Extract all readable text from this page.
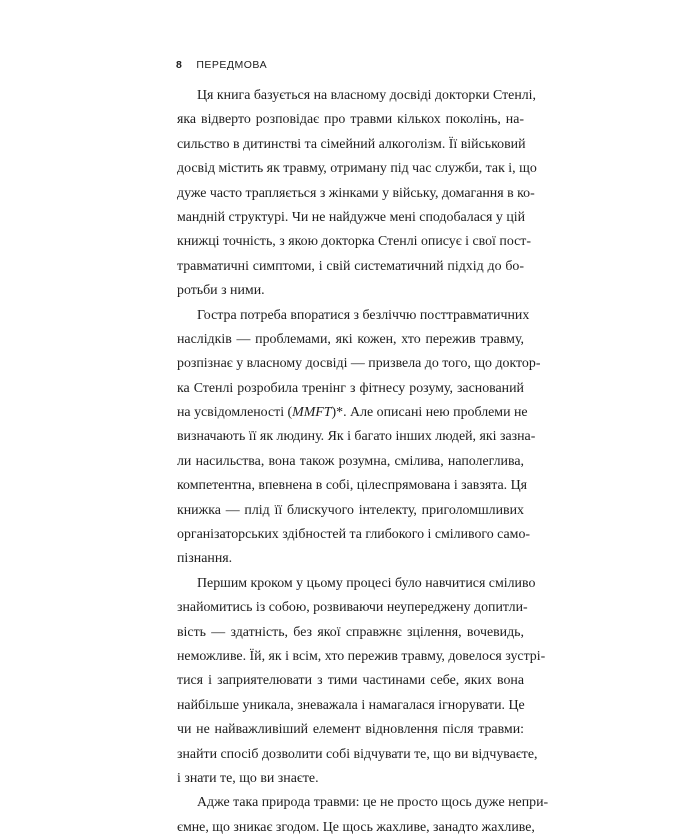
8 ПЕРЕДМОВА
Ця книга базується на власному досвіді докторки Стенлі,
яка відверто розповідає про травми кількох поколінь, на-
сильство в дитинстві та сімейний алкоголізм. Її військовий
досвід містить як травму, отриману під час служби, так і, що
дуже часто трапляється з жінками у війську, домагання в ко-
мандній структурі. Чи не найдужче мені сподобалася у цій
книжці точність, з якою докторка Стенлі описує і свої пост-
травматичні симптоми, і свій систематичний підхід до бо-
ротьби з ними.
Гостра потреба впоратися з безліччю посттравматичних
наслідків — проблемами, які кожен, хто пережив травму,
розпізнає у власному досвіді — призвела до того, що доктор-
ка Стенлі розробила тренінг з фітнесу розуму, заснований
на усвідомленості (MMFT)*. Але описані нею проблеми не
визначають її як людину. Як і багато інших людей, які зазна-
ли насильства, вона також розумна, смілива, наполеглива,
компетентна, впевнена в собі, цілеспрямована і завзята. Ця
книжка — плід її блискучого інтелекту, приголомшливих
організаторських здібностей та глибокого і сміливого само-
пізнання.
Першим кроком у цьому процесі було навчитися сміливо
знайомитись із собою, розвиваючи неупереджену допитли-
вість — здатність, без якої справжнє зцілення, вочевидь,
неможливе. Їй, як і всім, хто пережив травму, довелося зустрі-
тися і заприятелювати з тими частинами себе, яких вона
найбільше уникала, зневажала і намагалася ігнорувати. Це
чи не найважливіший елемент відновлення після травми:
знайти спосіб дозволити собі відчувати те, що ви відчуваєте,
і знати те, що ви знаєте.
Адже така природа травми: це не просто щось дуже непри-
ємне, що зникає згодом. Це щось жахливе, занадто жахливе,
